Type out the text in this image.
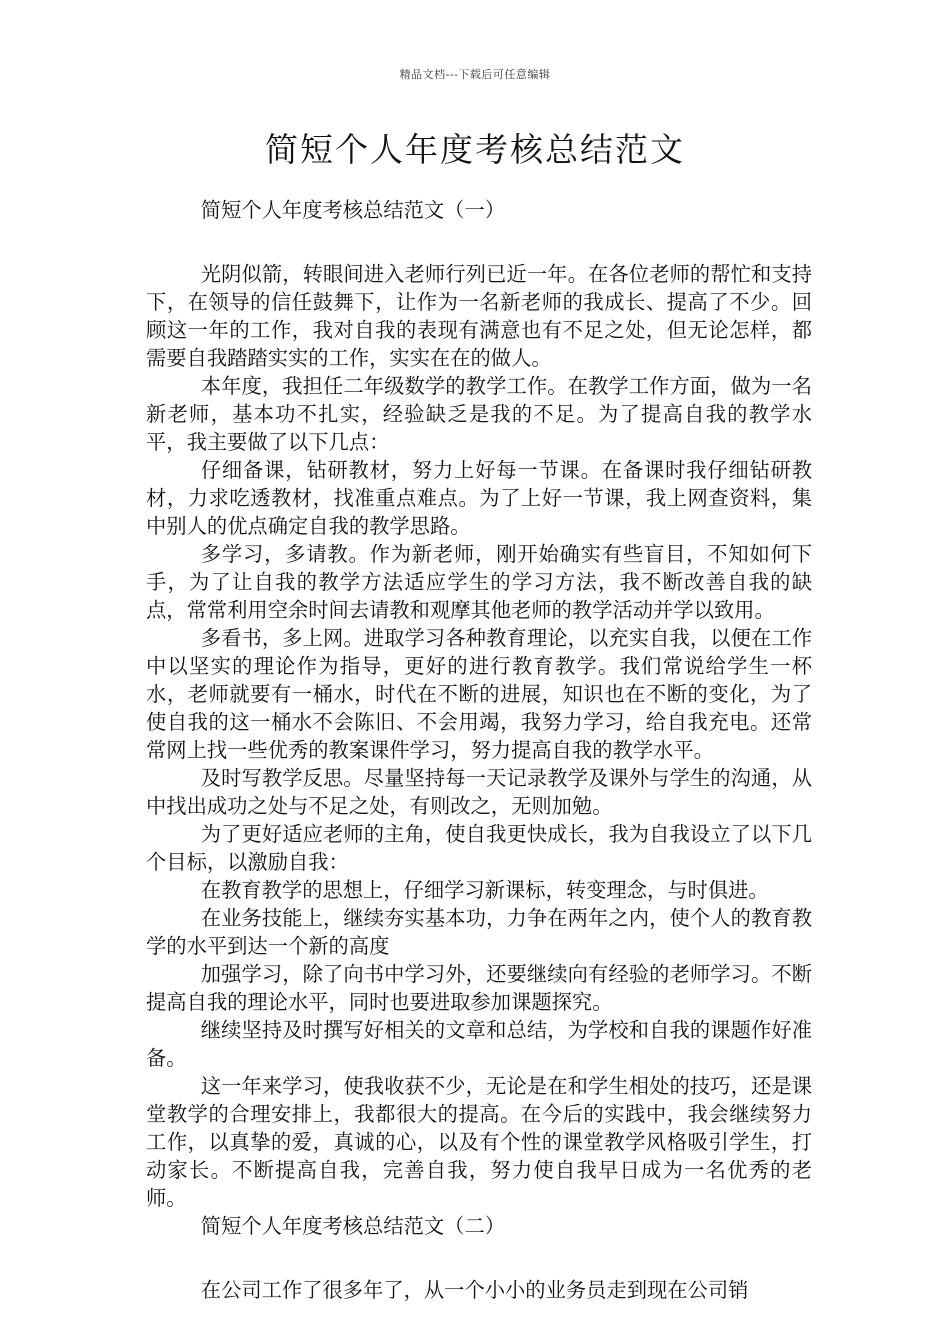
精品文档---下载后可任意编辑
简短个人年度考核总结范文

简短个人年度考核总结范文（一）

光阴似箭，转眼间进入老师行列已近一年。在各位老师的帮忙和支持下，在领导的信任鼓舞下，让作为一名新老师的我成长、提高了不少。回顾这一年的工作，我对自我的表现有满意也有不足之处，但无论怎样，都需要自我踏踏实实的工作，实实在在的做人。

本年度，我担任二年级数学的教学工作。在教学工作方面，做为一名新老师，基本功不扎实，经验缺乏是我的不足。为了提高自我的教学水平，我主要做了以下几点：

仔细备课，钻研教材，努力上好每一节课。在备课时我仔细钻研教材，力求吃透教材，找准重点难点。为了上好一节课，我上网查资料，集中别人的优点确定自我的教学思路。

多学习，多请教。作为新老师，刚开始确实有些盲目，不知如何下手，为了让自我的教学方法适应学生的学习方法，我不断改善自我的缺点，常常利用空余时间去请教和观摩其他老师的教学活动并学以致用。

多看书，多上网。进取学习各种教育理论，以充实自我，以便在工作中以坚实的理论作为指导，更好的进行教育教学。我们常说给学生一杯水，老师就要有一桶水，时代在不断的进展，知识也在不断的变化，为了使自我的这一桶水不会陈旧、不会用竭，我努力学习，给自我充电。还常常网上找一些优秀的教案课件学习，努力提高自我的教学水平。

及时写教学反思。尽量坚持每一天记录教学及课外与学生的沟通，从中找出成功之处与不足之处，有则改之，无则加勉。

为了更好适应老师的主角，使自我更快成长，我为自我设立了以下几个目标，以激励自我：

在教育教学的思想上，仔细学习新课标，转变理念，与时俱进。

在业务技能上，继续夯实基本功，力争在两年之内，使个人的教育教学的水平到达一个新的高度

加强学习，除了向书中学习外，还要继续向有经验的老师学习。不断提高自我的理论水平，同时也要进取参加课题探究。

继续坚持及时撰写好相关的文章和总结，为学校和自我的课题作好准备。

这一年来学习，使我收获不少，无论是在和学生相处的技巧，还是课堂教学的合理安排上，我都很大的提高。在今后的实践中，我会继续努力工作，以真挚的爱，真诚的心，以及有个性的课堂教学风格吸引学生，打动家长。不断提高自我，完善自我，努力使自我早日成为一名优秀的老师。

简短个人年度考核总结范文（二）

在公司工作了很多年了，从一个小小的业务员走到现在公司销
